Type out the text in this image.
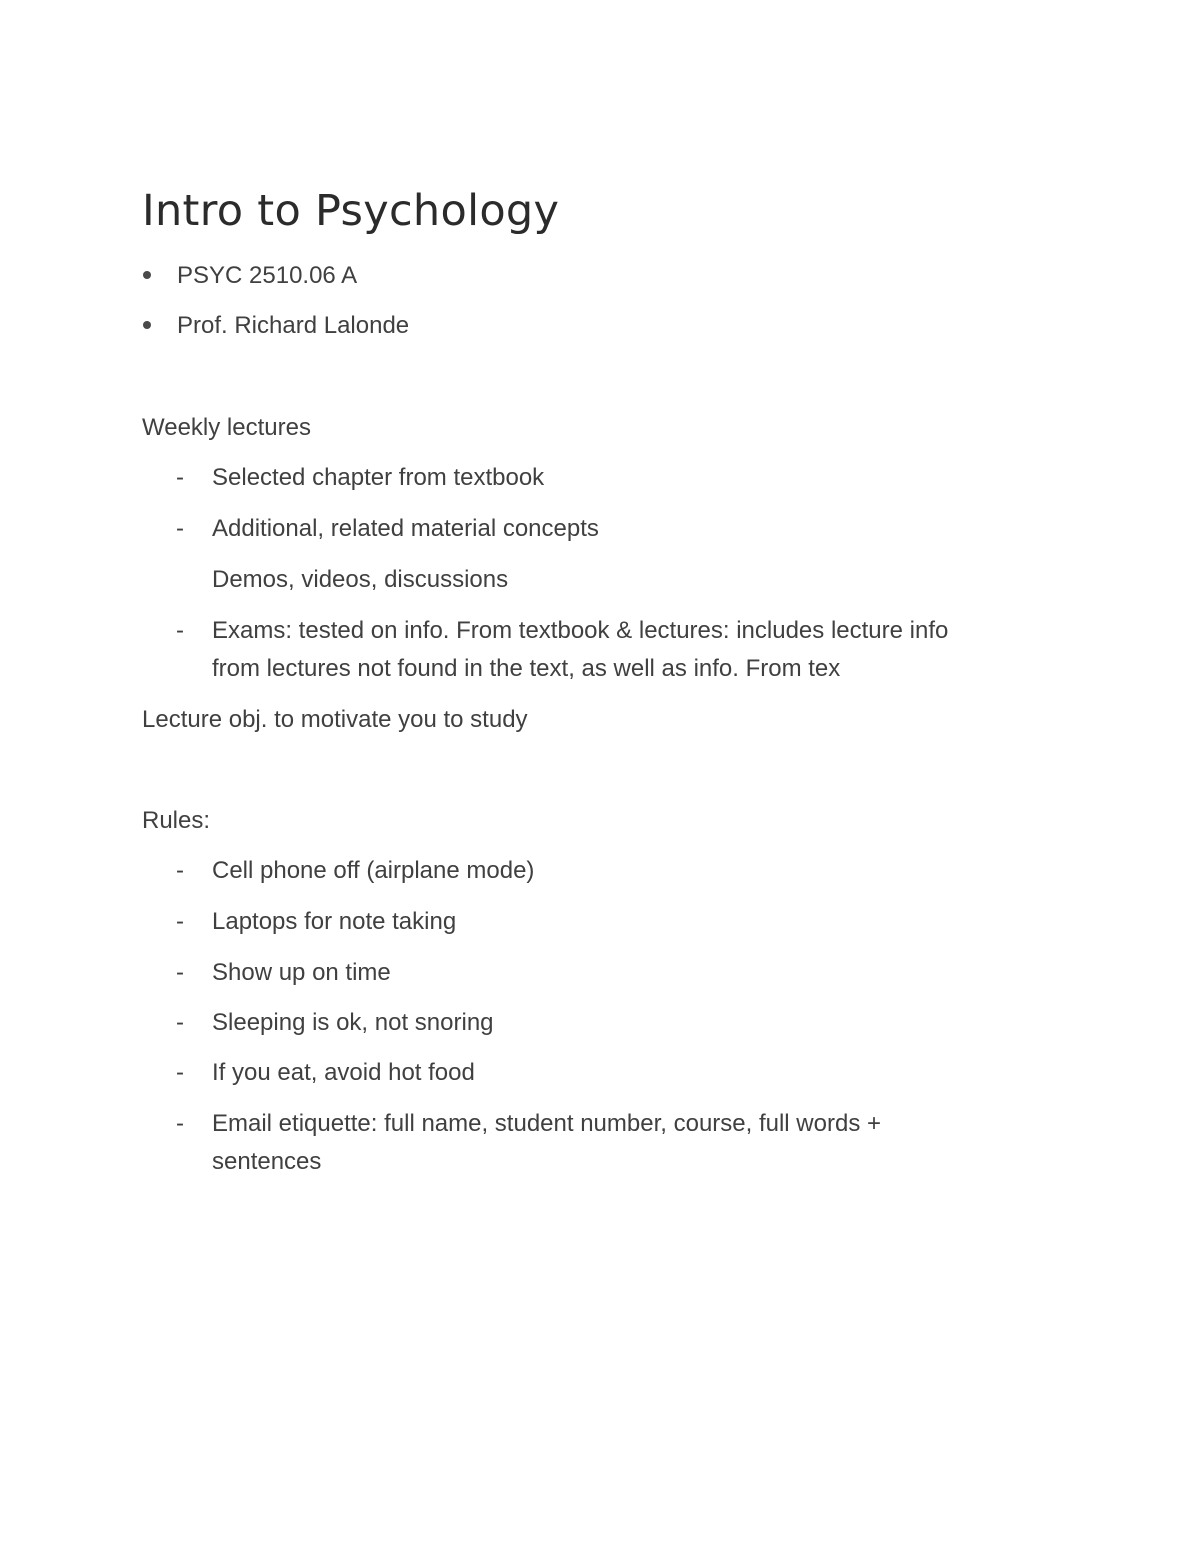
Intro to Psychology
PSYC 2510.06 A
Prof. Richard Lalonde
Weekly lectures
- Selected chapter from textbook
- Additional, related material concepts
Demos, videos, discussions
- Exams: tested on info. From textbook & lectures: includes lecture info
from lectures not found in the text, as well as info. From tex
Lecture obj. to motivate you to study
Rules:
- Cell phone off (airplane mode)
- Laptops for note taking
- Show up on time
- Sleeping is ok, not snoring
- If you eat, avoid hot food
- Email etiquette: full name, student number, course, full words +
sentences
